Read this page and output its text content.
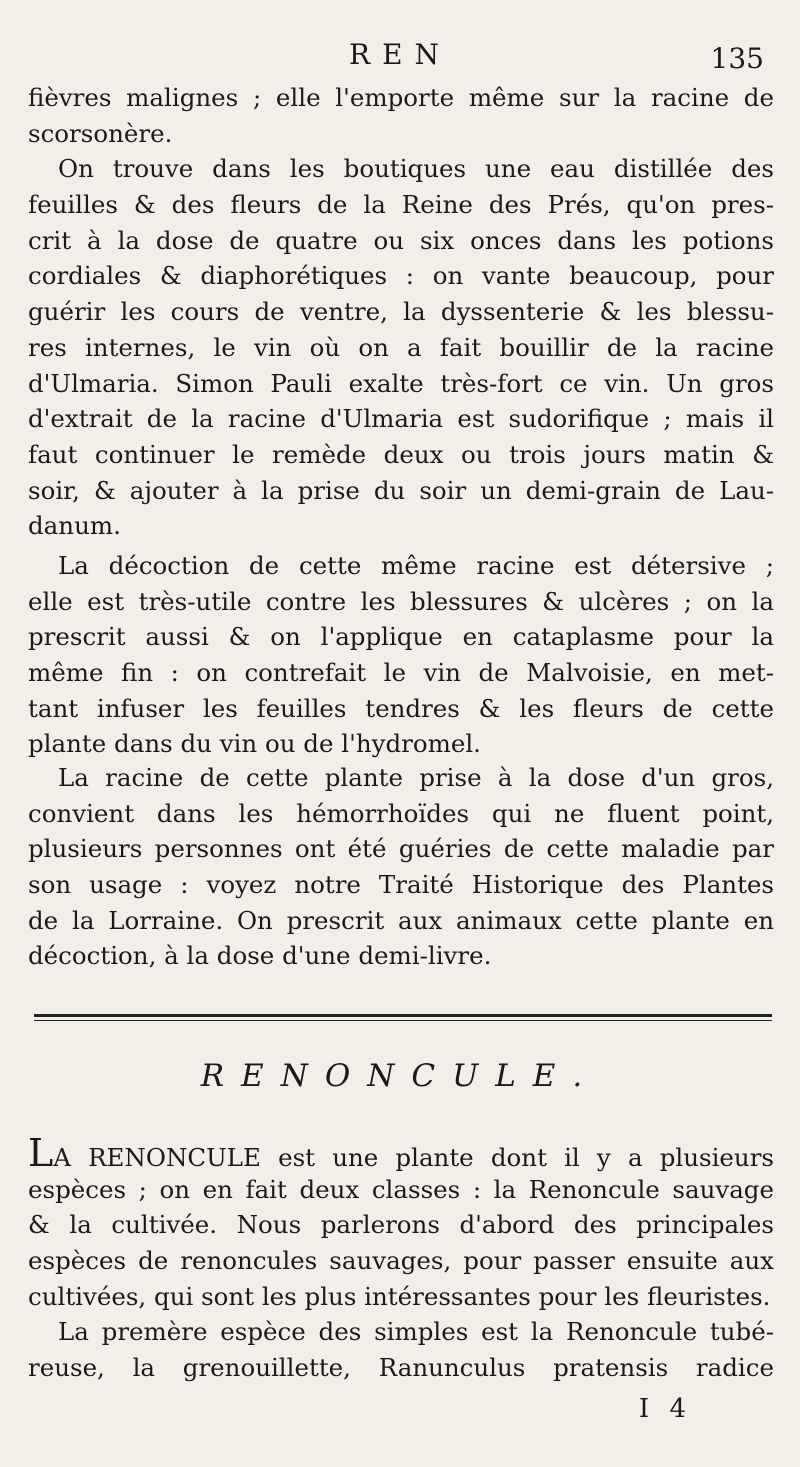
REN	135
fièvres malignes ; elle l'emporte même sur la racine de
scorsonère.
On trouve dans les boutiques une eau distillée des
feuilles & des fleurs de la Reine des Prés, qu'on pres-
crit à la dose de quatre ou six onces dans les potions
cordiales & diaphorétiques : on vante beaucoup, pour
guérir les cours de ventre, la dyssenterie & les blessu-
res internes, le vin où on a fait bouillir de la racine
d'Ulmaria. Simon Pauli exalte très-fort ce vin. Un gros
d'extrait de la racine d'Ulmaria est sudorifique ; mais il
faut continuer le remède deux ou trois jours matin &
soir, & ajouter à la prise du soir un demi-grain de Lau-
danum.
La décoction de cette même racine est détersive ;
elle est très-utile contre les blessures & ulcères ; on la
prescrit aussi & on l'applique en cataplasme pour la
même fin : on contrefait le vin de Malvoisie, en met-
tant infuser les feuilles tendres & les fleurs de cette
plante dans du vin ou de l'hydromel.
La racine de cette plante prise à la dose d'un gros,
convient dans les hémorrhoïdes qui ne fluent point,
plusieurs personnes ont été guéries de cette maladie par
son usage : voyez notre Traité Historique des Plantes
de la Lorraine. On prescrit aux animaux cette plante en
décoction, à la dose d'une demi-livre.
RENONCULE.
LA RENONCULE est une plante dont il y a plusieurs
espèces ; on en fait deux classes : la Renoncule sauvage
& la cultivée. Nous parlerons d'abord des principales
espèces de renoncules sauvages, pour passer ensuite aux
cultivées, qui sont les plus intéressantes pour les fleuristes.
La premère espèce des simples est la Renoncule tubé-
reuse, la grenouillette, Ranunculus pratensis radice
I 4
